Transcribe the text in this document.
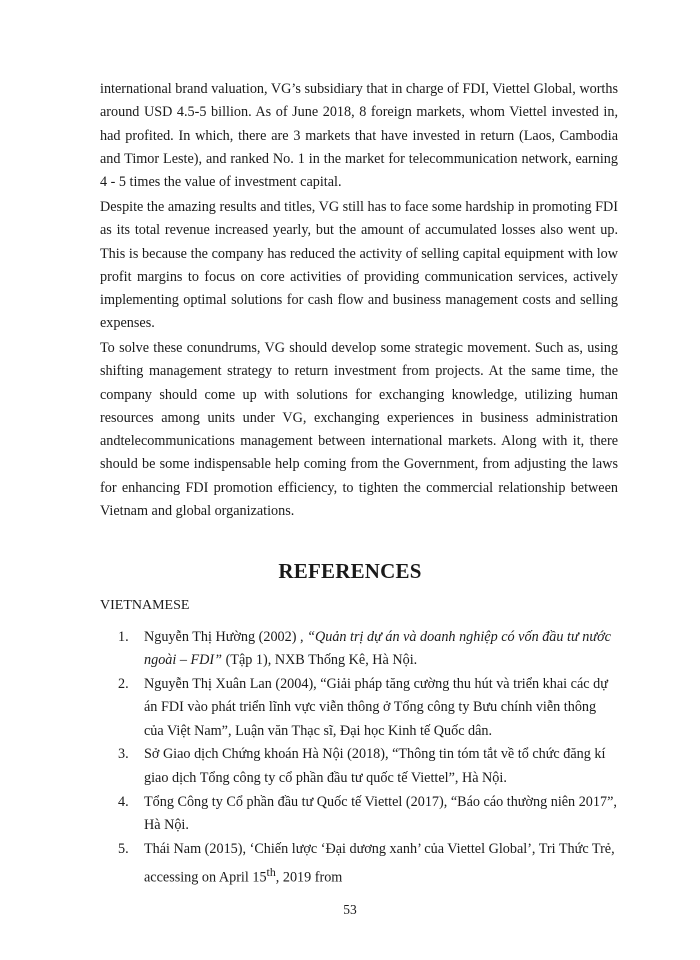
international brand valuation, VG’s subsidiary that in charge of FDI, Viettel Global, worths around USD 4.5-5 billion. As of June 2018, 8 foreign markets, whom Viettel invested in, had profited. In which, there are 3 markets that have invested in return (Laos, Cambodia and Timor Leste), and ranked No. 1 in the market for telecommunication network, earning 4 - 5 times the value of investment capital.

Despite the amazing results and titles, VG still has to face some hardship in promoting FDI as its total revenue increased yearly, but the amount of accumulated losses also went up. This is because the company has reduced the activity of selling capital equipment with low profit margins to focus on core activities of providing communication services, actively implementing optimal solutions for cash flow and business management costs and selling expenses.

To solve these conundrums, VG should develop some strategic movement. Such as, using shifting management strategy to return investment from projects. At the same time, the company should come up with solutions for exchanging knowledge, utilizing human resources among units under VG, exchanging experiences in business administration andtelecommunications management between international markets. Along with it, there should be some indispensable help coming from the Government, from adjusting the laws for enhancing FDI promotion efficiency, to tighten the commercial relationship between Vietnam and global organizations.

REFERENCES
VIETNAMESE
1. Nguyễn Thị Hường (2002) , “Quản trị dự án và doanh nghiệp có vốn đầu tư nước ngoài – FDI” (Tập 1), NXB Thống Kê, Hà Nội.
2. Nguyễn Thị Xuân Lan (2004), “Giải pháp tăng cường thu hút và triển khai các dự án FDI vào phát triển lĩnh vực viễn thông ở Tổng công ty Bưu chính viễn thông của Việt Nam”, Luận văn Thạc sĩ, Đại học Kinh tế Quốc dân.
3. Sở Giao dịch Chứng khoán Hà Nội (2018), “Thông tin tóm tắt về tổ chức đăng kí giao dịch Tổng công ty cổ phần đầu tư quốc tế Viettel”, Hà Nội.
4. Tổng Công ty Cổ phần đầu tư Quốc tế Viettel (2017), “Báo cáo thường niên 2017”, Hà Nội.
5. Thái Nam (2015), ‘Chiến lược ‘Đại dương xanh’ của Viettel Global’, Tri Thức Trẻ, accessing on April 15th, 2019 from
53
